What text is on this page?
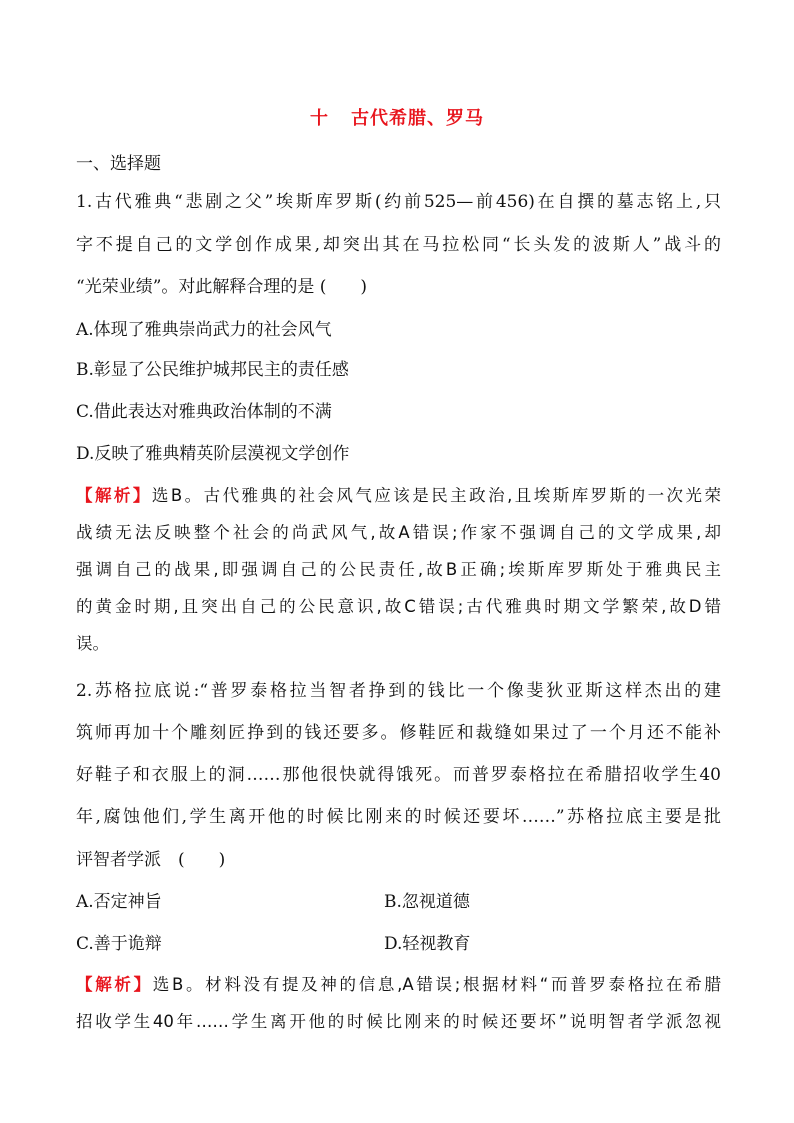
十 古代希腊、罗马
一、选择题
1.古代雅典“悲剧之父”埃斯库罗斯(约前525—前456)在自撰的墓志铭上,只
字不提自己的文学创作成果,却突出其在马拉松同“长头发的波斯人”战斗的
“光荣业绩”。对此解释合理的是 (　　)
A.体现了雅典崇尚武力的社会风气
B.彰显了公民维护城邦民主的责任感
C.借此表达对雅典政治体制的不满
D.反映了雅典精英阶层漠视文学创作
【解析】选B。古代雅典的社会风气应该是民主政治,且埃斯库罗斯的一次光荣
战绩无法反映整个社会的尚武风气,故A错误;作家不强调自己的文学成果,却
强调自己的战果,即强调自己的公民责任,故B正确;埃斯库罗斯处于雅典民主
的黄金时期,且突出自己的公民意识,故C错误;古代雅典时期文学繁荣,故D错
误。
2.苏格拉底说:“普罗泰格拉当智者挣到的钱比一个像斐狄亚斯这样杰出的建
筑师再加十个雕刻匠挣到的钱还要多。修鞋匠和裁缝如果过了一个月还不能补
好鞋子和衣服上的洞……那他很快就得饿死。而普罗泰格拉在希腊招收学生40
年,腐蚀他们,学生离开他的时候比刚来的时候还要坏……”苏格拉底主要是批
评智者学派　(　　)
A.否定神旨	B.忽视道德
C.善于诡辩	D.轻视教育
【解析】选B。材料没有提及神的信息,A错误;根据材料“而普罗泰格拉在希腊
招收学生40年……学生离开他的时候比刚来的时候还要坏”说明智者学派忽视
